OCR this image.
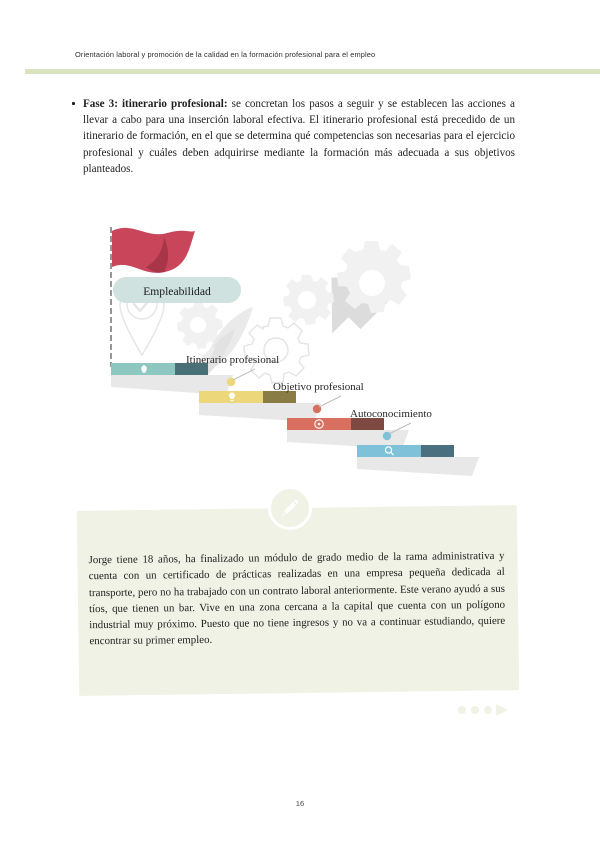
Orientación laboral y promoción de la calidad en la formación profesional para el empleo
Fase 3: itinerario profesional: se concretan los pasos a seguir y se establecen las acciones a llevar a cabo para una inserción laboral efectiva. El itinerario profesional está precedido de un itinerario de formación, en el que se determina qué competencias son necesarias para el ejercicio profesional y cuáles deben adquirirse mediante la formación más adecuada a sus objetivos planteados.
Empleabilidad
Itinerario profesional
Objetivo profesional
Autoconocimiento
Jorge tiene 18 años, ha finalizado un módulo de grado medio de la rama administrativa y cuenta con un certificado de prácticas realizadas en una empresa pequeña dedicada al transporte, pero no ha trabajado con un contrato laboral anteriormente. Este verano ayudó a sus tíos, que tienen un bar. Vive en una zona cercana a la capital que cuenta con un polígono industrial muy próximo. Puesto que no tiene ingresos y no va a continuar estudiando, quiere encontrar su primer empleo.
16
